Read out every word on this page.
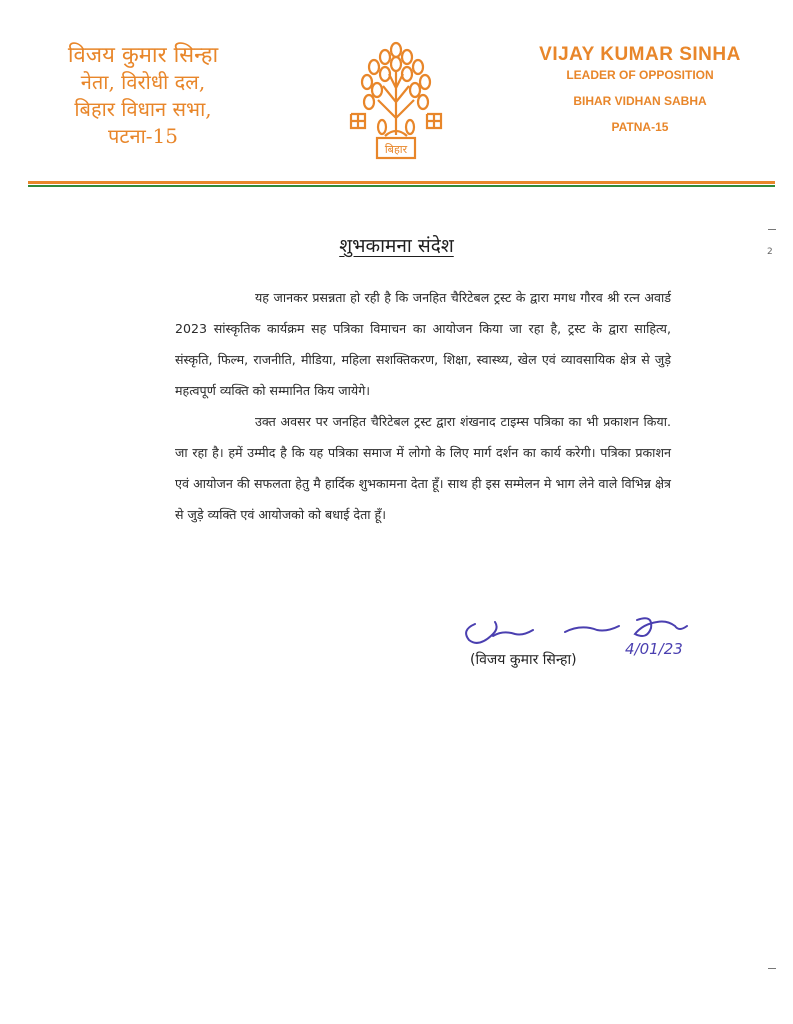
विजय कुमार सिन्हा
नेता, विरोधी दल,
बिहार विधान सभा,
पटना-15
बिहार
VIJAY KUMAR SINHA
LEADER OF OPPOSITION
BIHAR VIDHAN SABHA
PATNA-15
शुभकामना संदेश

यह जानकर प्रसन्नता हो रही है कि जनहित चैरिटेबल ट्रस्ट के द्वारा मगध गौरव श्री रत्न अवार्ड 2023 सांस्कृतिक कार्यक्रम सह पत्रिका विमाचन का आयोजन किया जा रहा है, ट्रस्ट के द्वारा साहित्य, संस्कृति, फिल्म, राजनीति, मीडिया, महिला सशक्तिकरण, शिक्षा, स्वास्थ्य, खेल एवं व्यावसायिक क्षेत्र से जुड़े महत्वपूर्ण व्यक्ति को सम्मानित किय जायेगे।

उक्त अवसर पर जनहित चैरिटेबल ट्रस्ट द्वारा शंखनाद टाइम्स पत्रिका का भी प्रकाशन किया. जा रहा है। हमें उम्मीद है कि यह पत्रिका समाज में लोगो के लिए मार्ग दर्शन का कार्य करेगी। पत्रिका प्रकाशन एवं आयोजन की सफलता हेतु मै हार्दिक शुभकामना देता हूँ। साथ ही इस सम्मेलन मे भाग लेने वाले विभिन्न क्षेत्र से जुड़े व्यक्ति एवं आयोजको को बधाई देता हूँ।

4/01/23
(विजय कुमार सिन्हा)
2
